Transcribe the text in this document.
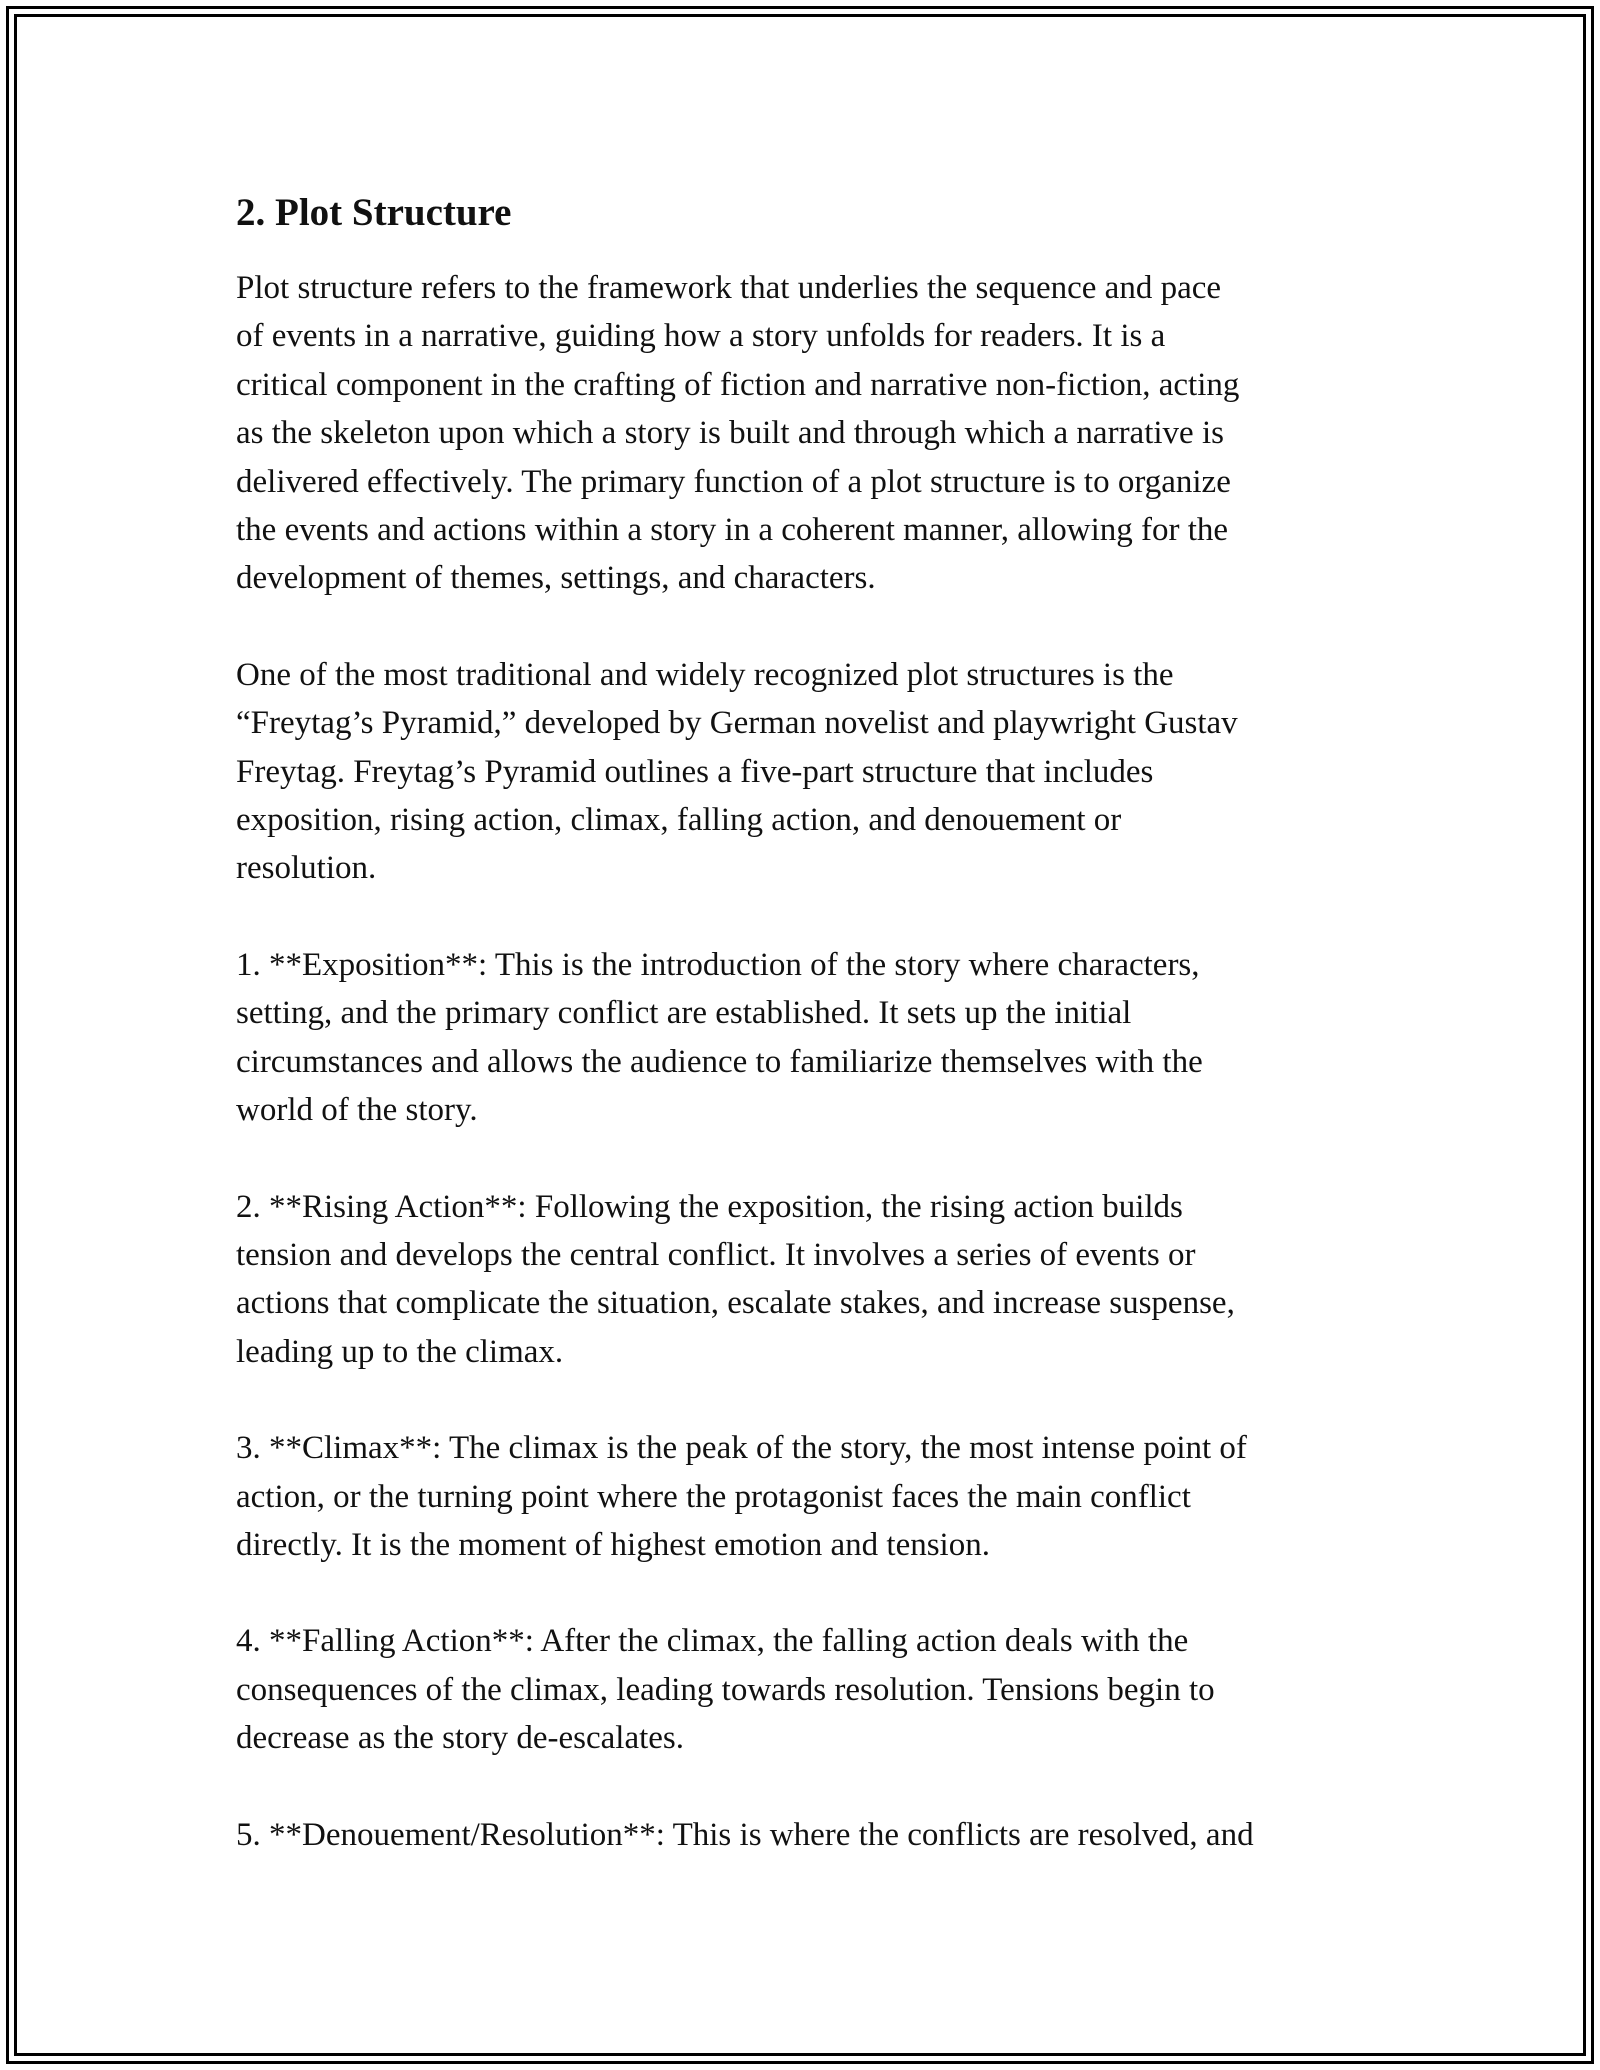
2. Plot Structure

Plot structure refers to the framework that underlies the sequence and pace
of events in a narrative, guiding how a story unfolds for readers. It is a
critical component in the crafting of fiction and narrative non-fiction, acting
as the skeleton upon which a story is built and through which a narrative is
delivered effectively. The primary function of a plot structure is to organize
the events and actions within a story in a coherent manner, allowing for the
development of themes, settings, and characters.

One of the most traditional and widely recognized plot structures is the
“Freytag’s Pyramid,” developed by German novelist and playwright Gustav
Freytag. Freytag’s Pyramid outlines a five-part structure that includes
exposition, rising action, climax, falling action, and denouement or
resolution.

1. **Exposition**: This is the introduction of the story where characters,
setting, and the primary conflict are established. It sets up the initial
circumstances and allows the audience to familiarize themselves with the
world of the story.

2. **Rising Action**: Following the exposition, the rising action builds
tension and develops the central conflict. It involves a series of events or
actions that complicate the situation, escalate stakes, and increase suspense,
leading up to the climax.

3. **Climax**: The climax is the peak of the story, the most intense point of
action, or the turning point where the protagonist faces the main conflict
directly. It is the moment of highest emotion and tension.

4. **Falling Action**: After the climax, the falling action deals with the
consequences of the climax, leading towards resolution. Tensions begin to
decrease as the story de-escalates.

5. **Denouement/Resolution**: This is where the conflicts are resolved, and
